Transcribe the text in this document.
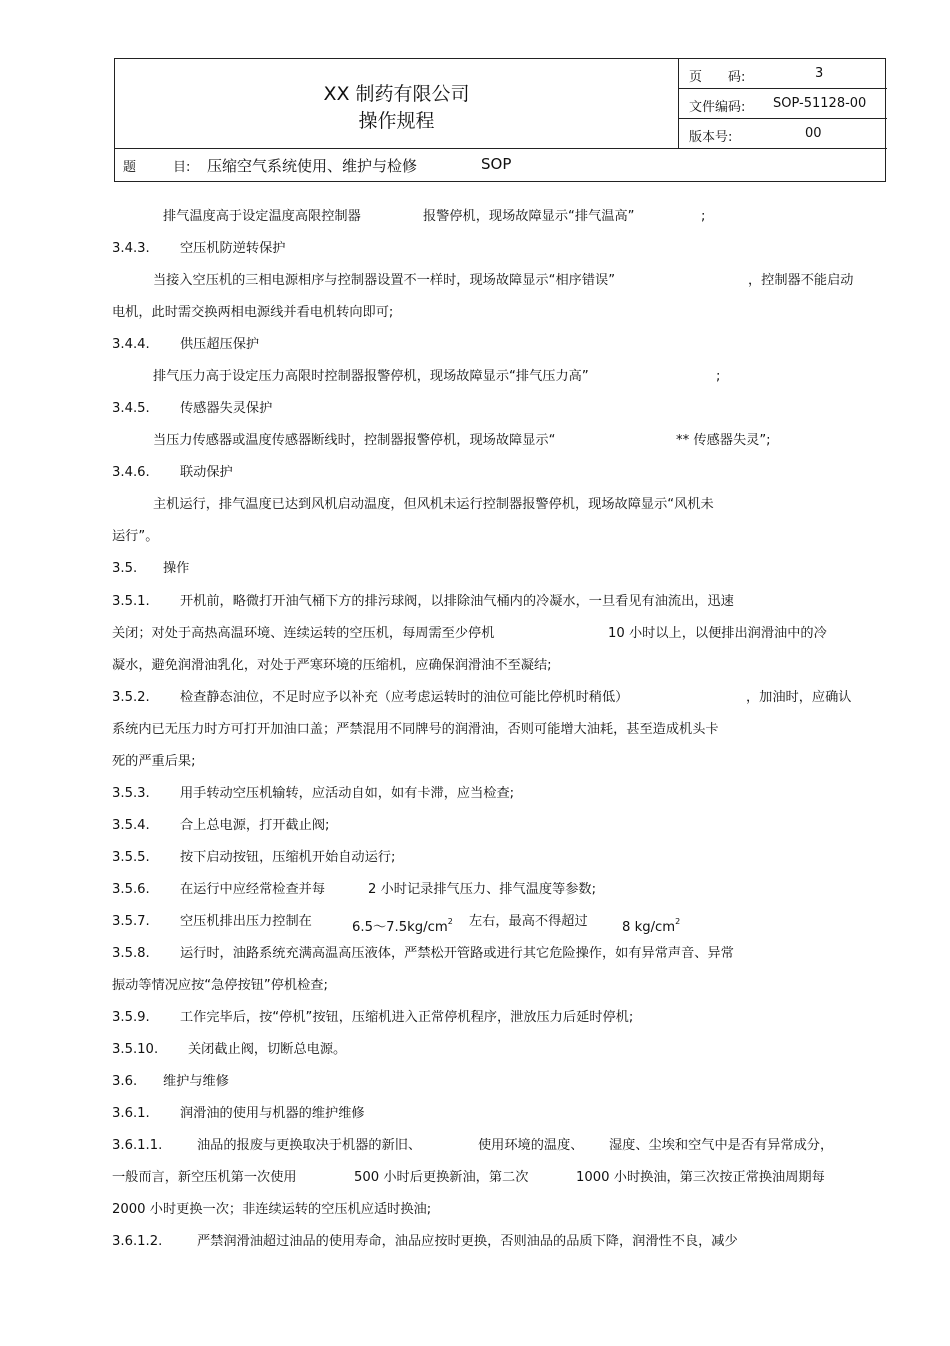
XX 制药有限公司
操作规程
页　　码:	3
文件编码: SOP-51128-00
版本号:	00
题	目: 压缩空气系统使用、维护与检修	SOP
排气温度高于设定温度高限控制器	报警停机，现场故障显示“排气温高”	;
3.4.3. 空压机防逆转保护
当接入空压机的三相电源相序与控制器设置不一样时，现场故障显示“相序错误”	，控制器不能启动
电机，此时需交换两相电源线并看电机转向即可;
3.4.4. 供压超压保护
排气压力高于设定压力高限时控制器报警停机，现场故障显示“排气压力高”	;
3.4.5. 传感器失灵保护
当压力传感器或温度传感器断线时，控制器报警停机，现场故障显示“	** 传感器失灵”;
3.4.6. 联动保护
主机运行，排气温度已达到风机启动温度，但风机未运行控制器报警停机，现场故障显示“风机未
运行”。
3.5. 操作
3.5.1. 开机前，略微打开油气桶下方的排污球阀，以排除油气桶内的冷凝水，一旦看见有油流出，迅速
关闭；对处于高热高温环境、连续运转的空压机，每周需至少停机	10 小时以上，以便排出润滑油中的冷
凝水，避免润滑油乳化，对处于严寒环境的压缩机，应确保润滑油不至凝结;
3.5.2. 检查静态油位，不足时应予以补充（应考虑运转时的油位可能比停机时稍低）	，加油时，应确认
系统内已无压力时方可打开加油口盖；严禁混用不同牌号的润滑油，否则可能增大油耗，甚至造成机头卡
死的严重后果;
3.5.3. 用手转动空压机输转，应活动自如，如有卡滞，应当检查;
3.5.4. 合上总电源，打开截止阀;
3.5.5. 按下启动按钮，压缩机开始自动运行;
3.5.6. 在运行中应经常检查并每	2 小时记录排气压力、排气温度等参数;
3.5.7. 空压机排出压力控制在	$6.5\sim 7.5kg/cm^2$ 左右，最高不得超过	8 $kg/cm^2$
3.5.8. 运行时，油路系统充满高温高压液体，严禁松开管路或进行其它危险操作，如有异常声音、异常
振动等情况应按“急停按钮”停机检查;
3.5.9. 工作完毕后，按“停机”按钮，压缩机进入正常停机程序，泄放压力后延时停机;
3.5.10. 关闭截止阀，切断总电源。
3.6. 维护与维修
3.6.1. 润滑油的使用与机器的维护维修
3.6.1.1.	油品的报废与更换取决于机器的新旧、	使用环境的温度、 湿度、尘埃和空气中是否有异常成分，
一般而言，新空压机第一次使用	500 小时后更换新油，第二次	1000 小时换油，第三次按正常换油周期每
2000 小时更换一次；非连续运转的空压机应适时换油;
3.6.1.2.	严禁润滑油超过油品的使用寿命，油品应按时更换，否则油品的品质下降，润滑性不良，减少
